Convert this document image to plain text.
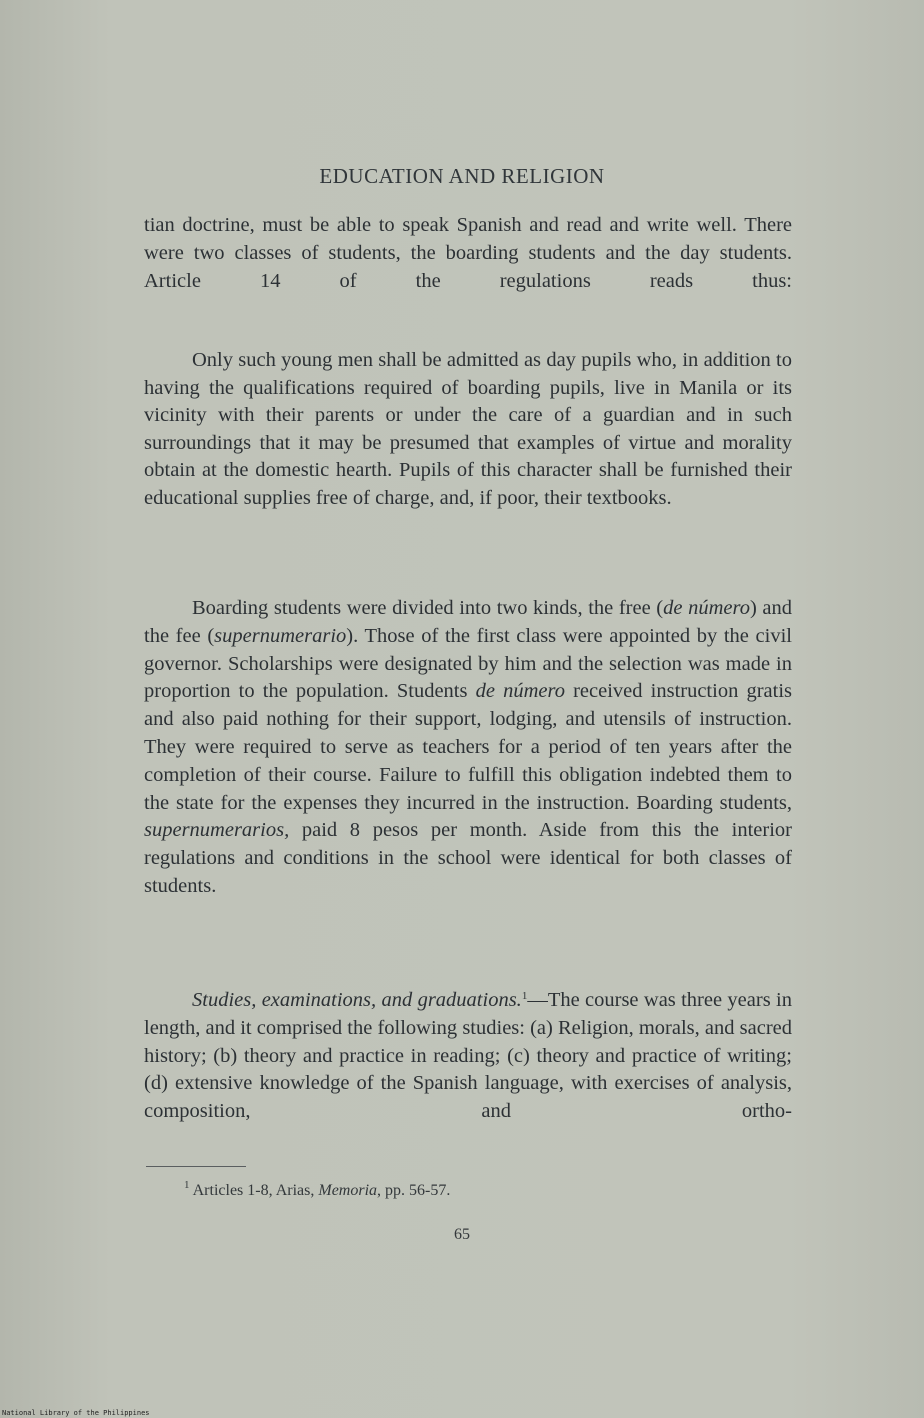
EDUCATION AND RELIGION
tian doctrine, must be able to speak Spanish and read and write well. There were two classes of students, the boarding students and the day students. Article 14 of the regulations reads thus:
Only such young men shall be admitted as day pupils who, in addition to having the qualifications required of boarding pupils, live in Manila or its vicinity with their parents or under the care of a guardian and in such surroundings that it may be presumed that examples of virtue and morality obtain at the domestic hearth. Pupils of this character shall be furnished their educational supplies free of charge, and, if poor, their textbooks.
Boarding students were divided into two kinds, the free (de número) and the fee (supernumerario). Those of the first class were appointed by the civil governor. Scholarships were designated by him and the selection was made in proportion to the population. Students de número received instruction gratis and also paid nothing for their support, lodging, and utensils of instruction. They were required to serve as teachers for a period of ten years after the completion of their course. Failure to fulfill this obligation indebted them to the state for the expenses they incurred in the instruction. Boarding students, supernumerarios, paid 8 pesos per month. Aside from this the interior regulations and conditions in the school were identical for both classes of students.
Studies, examinations, and graduations.$^1$—The course was three years in length, and it comprised the following studies: (a) Religion, morals, and sacred history; (b) theory and practice in reading; (c) theory and practice of writing; (d) extensive knowledge of the Spanish language, with exercises of analysis, composition, and ortho-
$^1$ Articles 1-8, Arias, Memoria, pp. 56-57.
65
National Library of the Philippines
